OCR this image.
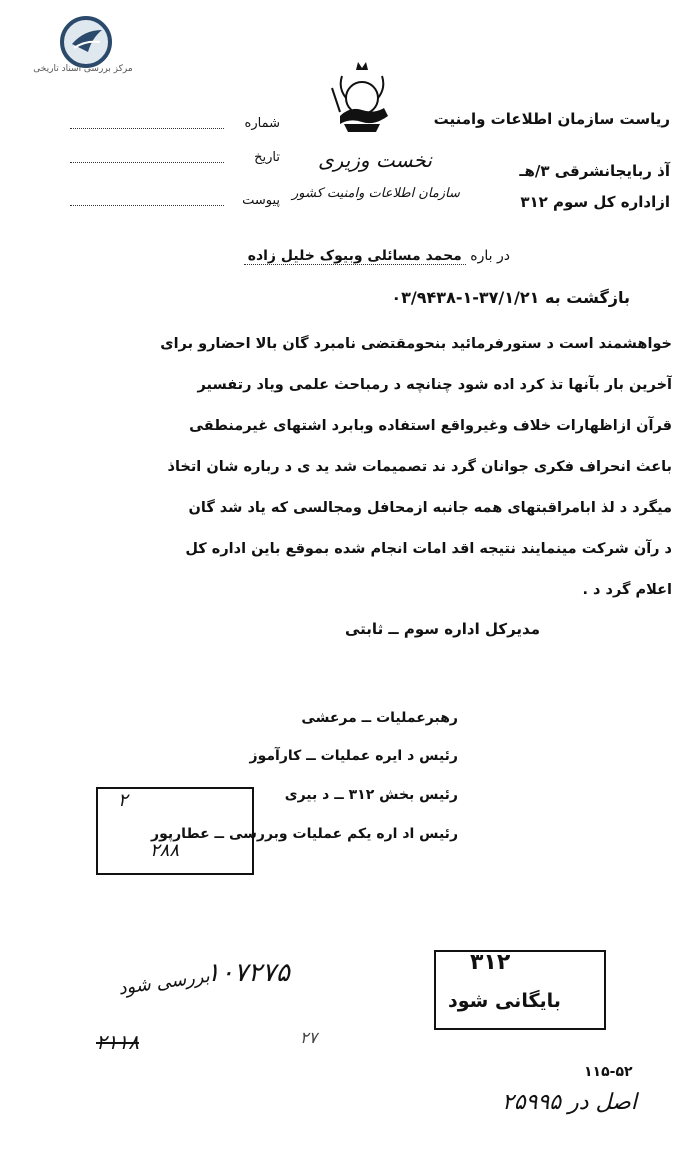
مرکز بررسی اسناد تاریخی
ریاست سازمان اطلاعات وامنیت
آذ ربایجانشرقی ۳/هـ
ازاداره کل سوم ۳۱۲
نخست وزیری
سازمان اطلاعات وامنیت کشور
شماره
تاریخ
پیوست
در باره محمد مسائلی وبیوک خلیل زاده
بازگشت به ۳۷/۱/۲۱-۱-۰۳/۹۴۳۸

خواهشمند است د ستورفرمائید بنحومقتضی نامبرد گان بالا احضارو برای

آخرین بار بآنها تذ کرد اده شود چنانچه د رمباحث علمی ویاد رتفسیر

قرآن ازاظهارات خلاف وغیرواقع استفاده وبابرد اشتهای غیرمنطقی

باعث انحراف فکری جوانان گرد ند تصمیمات شد ید ی د رباره شان اتخاذ

میگرد د لذ ابامراقبتهای همه جانبه ازمحافل ومجالسی که یاد شد گان

د رآن شرکت مینمایند نتیجه اقد امات انجام شده بموقع باین اداره کل

اعلام گرد د .

مدیرکل اداره سوم ــ ثابتی
رهبرعملیات ــ مرعشی
رئیس د ایره عملیات ــ کارآموز
رئیس بخش ۳۱۲ ــ د بیری
رئیس اد اره یکم عملیات وبررسی ــ عطارپور
۲
۲۸۸
۳۱۲
بایگانی شود
۱۰۷۲۷۵
بررسی شود
۲۱۱۸	۲۷
۱۱۵-۵۲
اصل در ۲۵۹۹۵
